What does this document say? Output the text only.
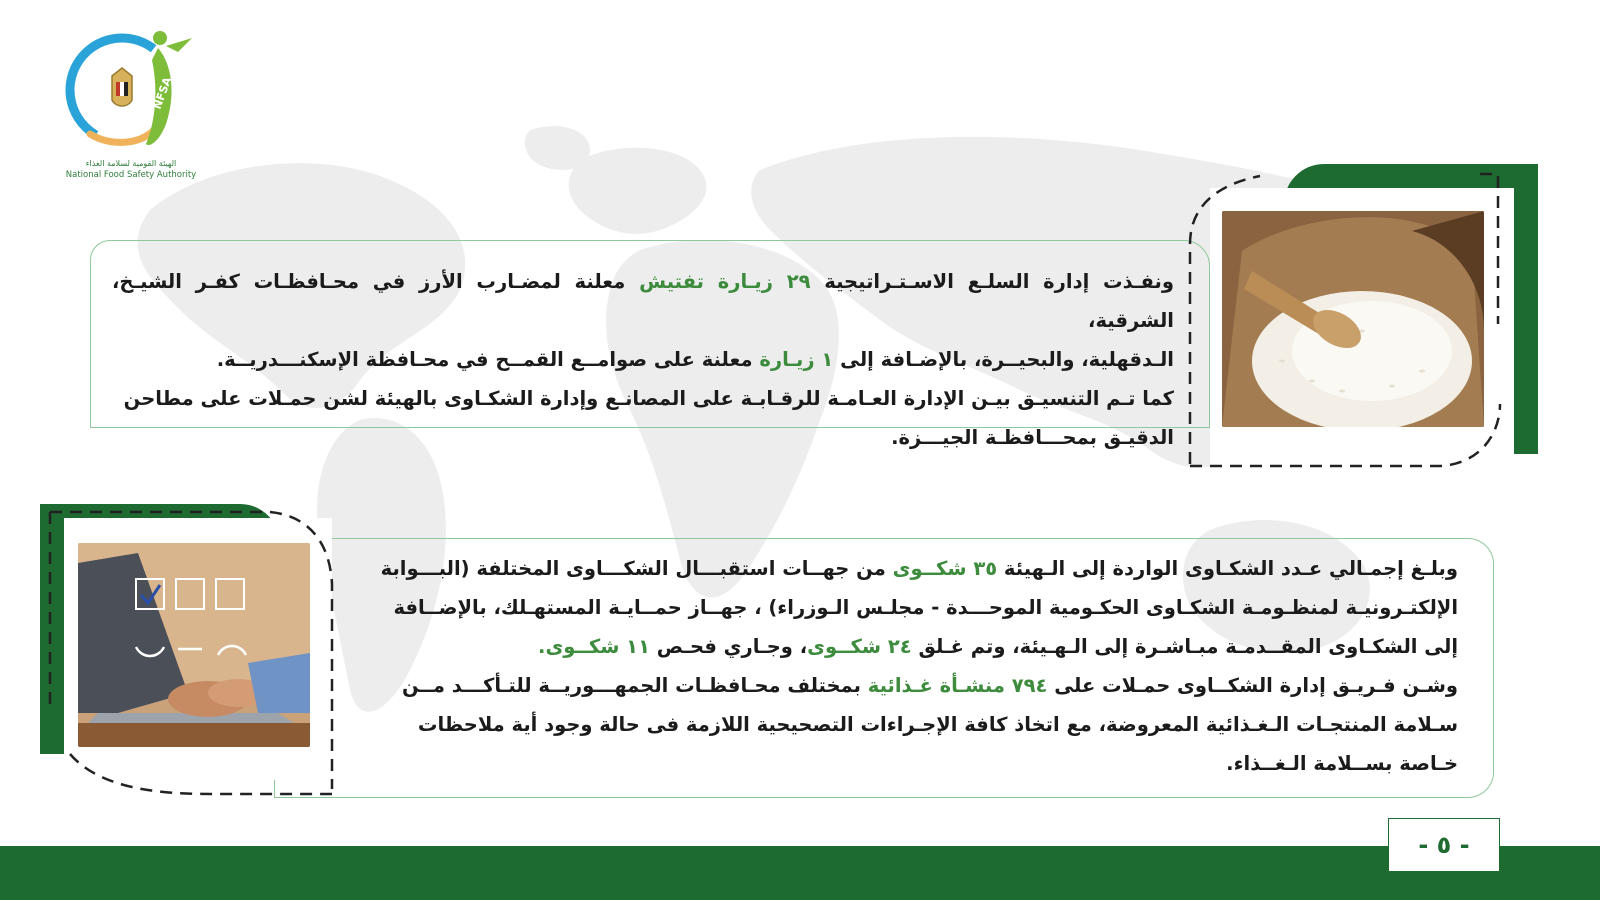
NFSA
الهيئة القومية لسلامة الغذاء
National Food Safety Authority
ونفـذت إدارة السلـع الاسـتـراتيجية ٢٩ زيـارة تفتيش معلنة لمضـارب الأرز في محـافظـات كفـر الشيـخ، الشرقية،
الـدقهلية، والبحيــرة، بالإضـافة إلى ١ زيـارة معلنة على صوامــع القمــح في محـافظة الإسكنـــدريــة.
كما تـم التنسيـق بيـن الإدارة العـامـة للرقـابـة على المصانـع وإدارة الشكـاوى بالهيئة لشن حمـلات على مطاحن
الدقيـق بمحـــافظـة الجيـــزة.
وبلـغ إجمـالي عـدد الشكـاوى الواردة إلى الـهيئة ٣٥ شكــوى من جهــات استقبـــال الشكـــاوى المختلفة (البـــوابة
الإلكتـرونيـة لمنظـومـة الشكـاوى الحكـومية الموحـــدة - مجلـس الـوزراء) ، جهــاز حمــايـة المستهـلك، بالإضــافة
إلى الشكـاوى المقــدمـة مبـاشـرة إلى الـهـيئة، وتم غـلق ٢٤ شكــوى، وجـاري فحـص ١١ شكــوى.
وشـن فـريـق إدارة الشكــاوى حمـلات على ٧٩٤ منشـأة غـذائية بمختلف محـافظـات الجمهـــوريــة للتـأكـــد مــن
سـلامة المنتجـات الـغـذائية المعروضة، مع اتخاذ كافة الإجـراءات التصحيحية اللازمة فى حالة وجود أية ملاحظات
خـاصة بســلامة الـغــذاء.
- ٥ -
